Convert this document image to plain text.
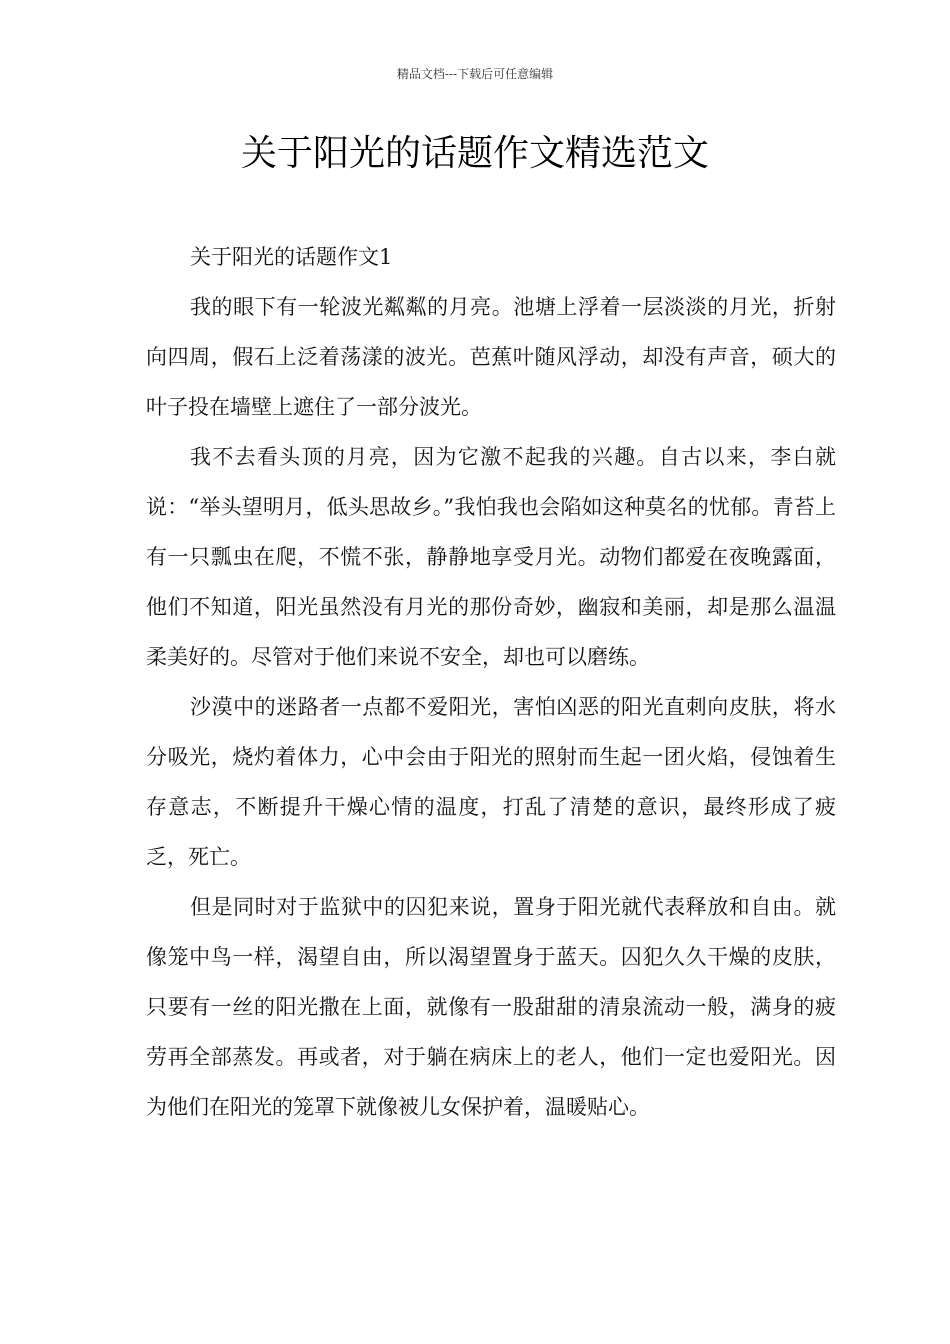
精品文档---下载后可任意编辑
关于阳光的话题作文精选范文

关于阳光的话题作文1

我的眼下有一轮波光粼粼的月亮。池塘上浮着一层淡淡的月光，折射向四周，假石上泛着荡漾的波光。芭蕉叶随风浮动，却没有声音，硕大的叶子投在墙壁上遮住了一部分波光。

我不去看头顶的月亮，因为它激不起我的兴趣。自古以来，李白就说：“举头望明月，低头思故乡。”我怕我也会陷如这种莫名的忧郁。青苔上有一只瓢虫在爬，不慌不张，静静地享受月光。动物们都爱在夜晚露面，他们不知道，阳光虽然没有月光的那份奇妙，幽寂和美丽，却是那么温温柔美好的。尽管对于他们来说不安全，却也可以磨练。

沙漠中的迷路者一点都不爱阳光，害怕凶恶的阳光直刺向皮肤，将水分吸光，烧灼着体力，心中会由于阳光的照射而生起一团火焰，侵蚀着生存意志，不断提升干燥心情的温度，打乱了清楚的意识，最终形成了疲乏，死亡。

但是同时对于监狱中的囚犯来说，置身于阳光就代表释放和自由。就像笼中鸟一样，渴望自由，所以渴望置身于蓝天。囚犯久久干燥的皮肤，只要有一丝的阳光撒在上面，就像有一股甜甜的清泉流动一般，满身的疲劳再全部蒸发。再或者，对于躺在病床上的老人，他们一定也爱阳光。因为他们在阳光的笼罩下就像被儿女保护着，温暖贴心。
